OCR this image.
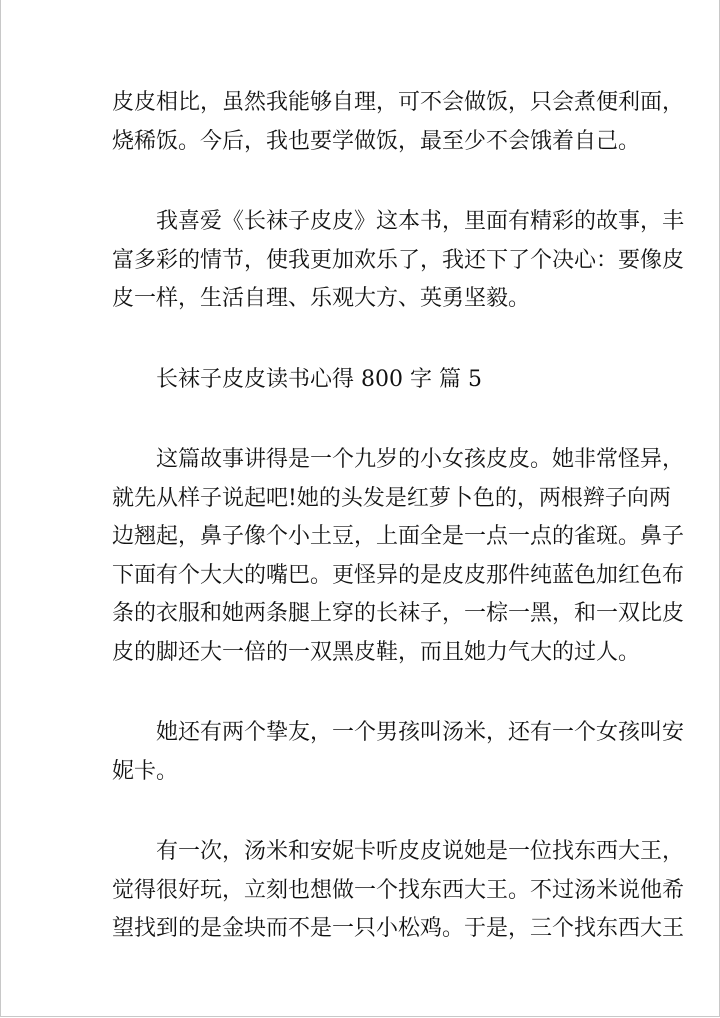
皮皮相比，虽然我能够自理，可不会做饭，只会煮便利面，
烧稀饭。今后，我也要学做饭，最至少不会饿着自己。
我喜爱《长袜子皮皮》这本书，里面有精彩的故事，丰
富多彩的情节，使我更加欢乐了，我还下了个决心：要像皮
皮一样，生活自理、乐观大方、英勇坚毅。
长袜子皮皮读书心得 800 字 篇 5
这篇故事讲得是一个九岁的小女孩皮皮。她非常怪异，
就先从样子说起吧!她的头发是红萝卜色的，两根辫子向两
边翘起，鼻子像个小土豆，上面全是一点一点的雀斑。鼻子
下面有个大大的嘴巴。更怪异的是皮皮那件纯蓝色加红色布
条的衣服和她两条腿上穿的长袜子，一棕一黑，和一双比皮
皮的脚还大一倍的一双黑皮鞋，而且她力气大的过人。
她还有两个挚友，一个男孩叫汤米，还有一个女孩叫安
妮卡。
有一次，汤米和安妮卡听皮皮说她是一位找东西大王，
觉得很好玩，立刻也想做一个找东西大王。不过汤米说他希
望找到的是金块而不是一只小松鸡。于是，三个找东西大王
